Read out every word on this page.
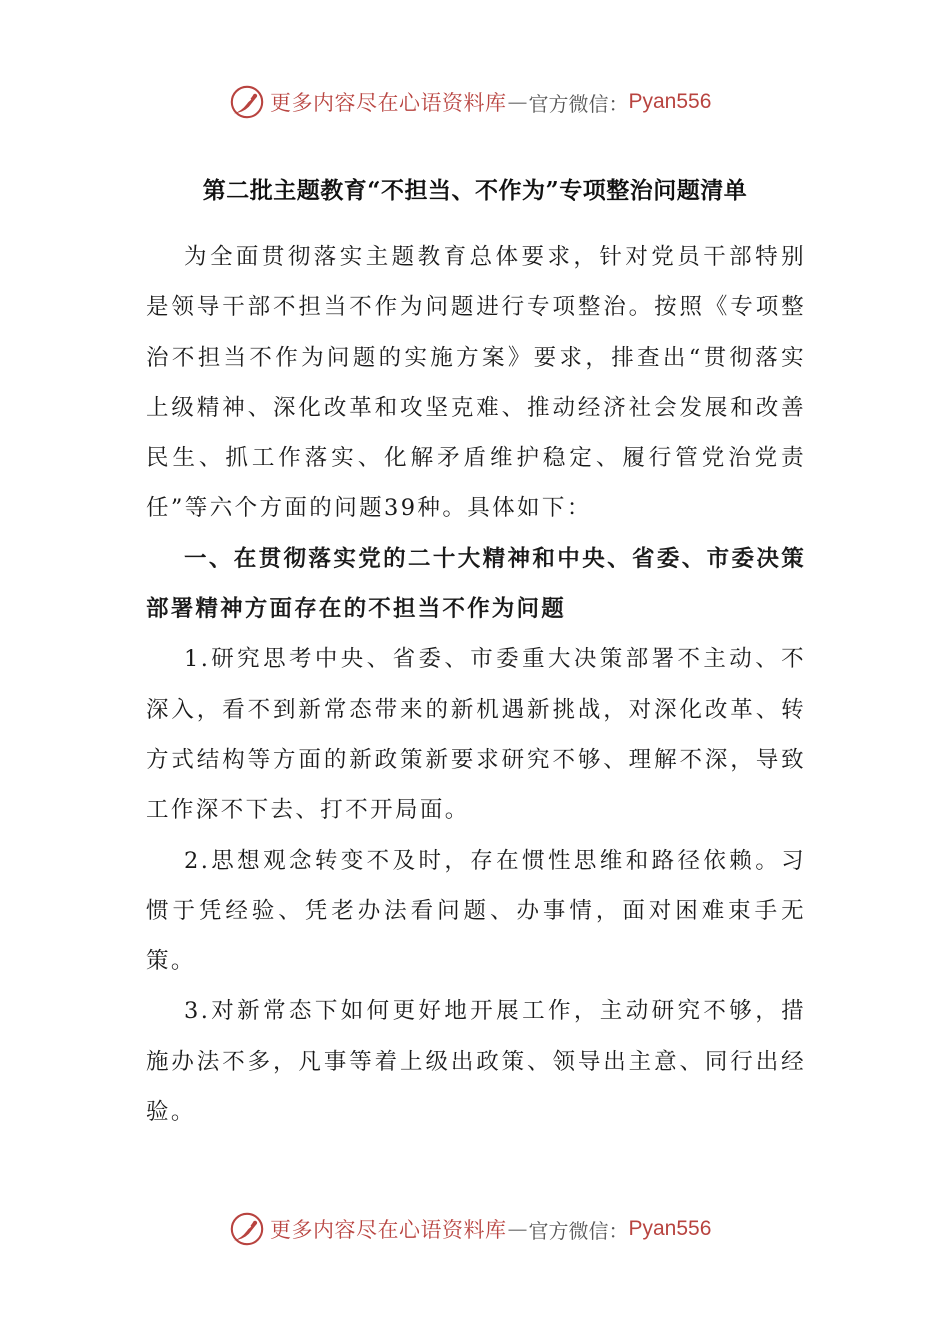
更多内容尽在心语资料库 — 官方微信： Pyan556
第二批主题教育“不担当、不作为”专项整治问题清单

为全面贯彻落实主题教育总体要求，针对党员干部特别是领导干部不担当不作为问题进行专项整治。按照《专项整治不担当不作为问题的实施方案》要求，排查出“贯彻落实上级精神、深化改革和攻坚克难、推动经济社会发展和改善民生、抓工作落实、化解矛盾维护稳定、履行管党治党责任”等六个方面的问题39种。具体如下：

一、在贯彻落实党的二十大精神和中央、省委、市委决策部署精神方面存在的不担当不作为问题

1.研究思考中央、省委、市委重大决策部署不主动、不深入，看不到新常态带来的新机遇新挑战，对深化改革、转方式结构等方面的新政策新要求研究不够、理解不深，导致工作深不下去、打不开局面。

2.思想观念转变不及时，存在惯性思维和路径依赖。习惯于凭经验、凭老办法看问题、办事情，面对困难束手无策。

3.对新常态下如何更好地开展工作，主动研究不够，措施办法不多，凡事等着上级出政策、领导出主意、同行出经验。

更多内容尽在心语资料库 — 官方微信： Pyan556
